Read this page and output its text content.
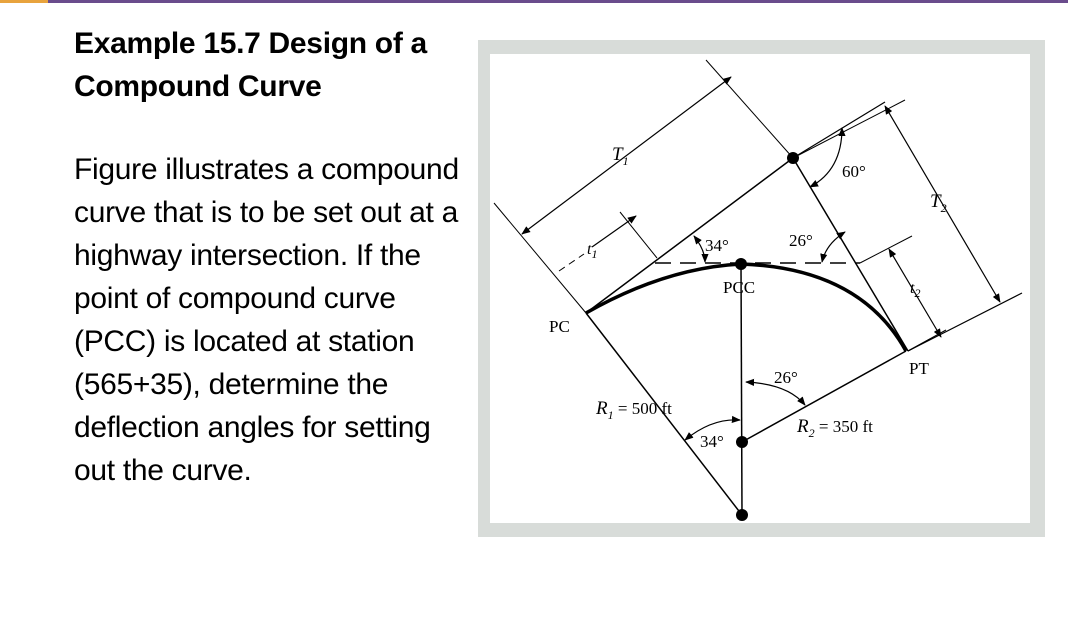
Example 15.7 Design of a Compound Curve

Figure illustrates a compound curve that is to be set out at a highway intersection. If the point of compound curve (PCC) is located at station (565+35), determine the deflection angles for setting out the curve.

PC
PCC
PT
60°
34°	26°
26°
34°
$T_1$
$T_2$
$t_1$
$t_2$
$R_1 = 500$ ft
$R_2 = 350$ ft
